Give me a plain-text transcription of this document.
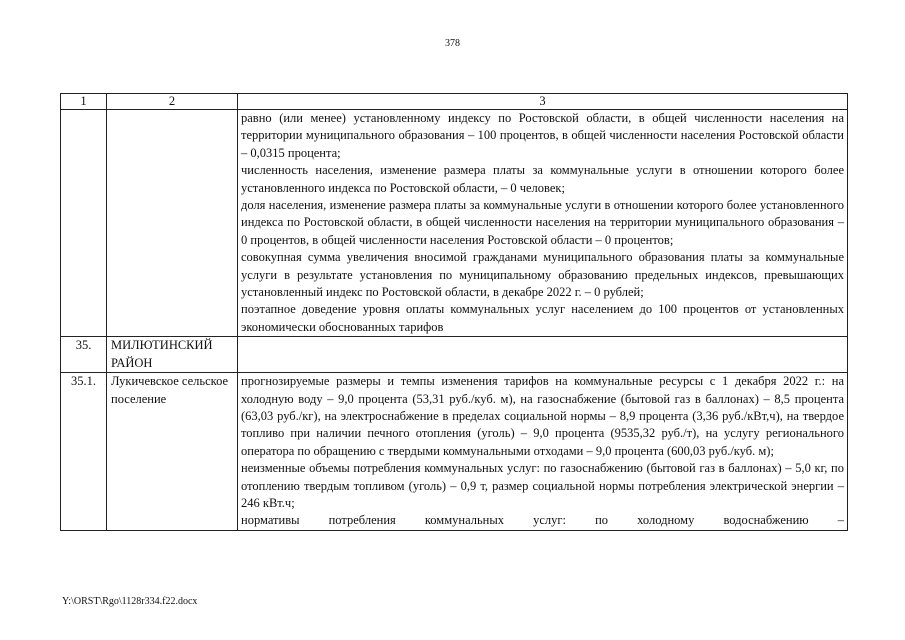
378
1	2	3

		равно (или менее) установленному индексу по Ростовской области, в общей численности населения на территории муниципального образования – 100 процентов, в общей численности населения Ростовской области – 0,0315 процента;
численность населения, изменение размера платы за коммунальные услуги в отношении которого более установленного индекса по Ростовской области, – 0 человек;
доля населения, изменение размера платы за коммунальные услуги в отношении которого более установленного индекса по Ростовской области, в общей численности населения на территории муниципального образования – 0 процентов, в общей численности населения Ростовской области – 0 процентов;
совокупная сумма увеличения вносимой гражданами муниципального образования платы за коммунальные услуги в результате установления по муниципальному образованию предельных индексов, превышающих установленный индекс по Ростовской области, в декабре 2022 г. – 0 рублей;
поэтапное доведение уровня оплаты коммунальных услуг населением до 100 процентов от установленных экономически обоснованных тарифов

35.	МИЛЮТИНСКИЙ РАЙОН	
35.1.	Лукичевское сельское поселение	прогнозируемые размеры и темпы изменения тарифов на коммунальные ресурсы с 1 декабря 2022 г.: на холодную воду – 9,0 процента (53,31 руб./куб. м), на газоснабжение (бытовой газ в баллонах) – 8,5 процента (63,03 руб./кг), на электроснабжение в пределах социальной нормы – 8,9 процента (3,36 руб./кВт,ч), на твердое топливо при наличии печного отопления (уголь) – 9,0 процента (9535,32 руб./т), на услугу регионального оператора по обращению с твердыми коммунальными отходами – 9,0 процента (600,03 руб./куб. м);
неизменные объемы потребления коммунальных услуг: по газоснабжению (бытовой газ в баллонах) – 5,0 кг, по отоплению твердым топливом (уголь) – 0,9 т, размер социальной нормы потребления электрической энергии – 246 кВт.ч;
нормативы потребления коммунальных услуг: по холодному водоснабжению –
Y:\ORST\Rgo\1128r334.f22.docx
